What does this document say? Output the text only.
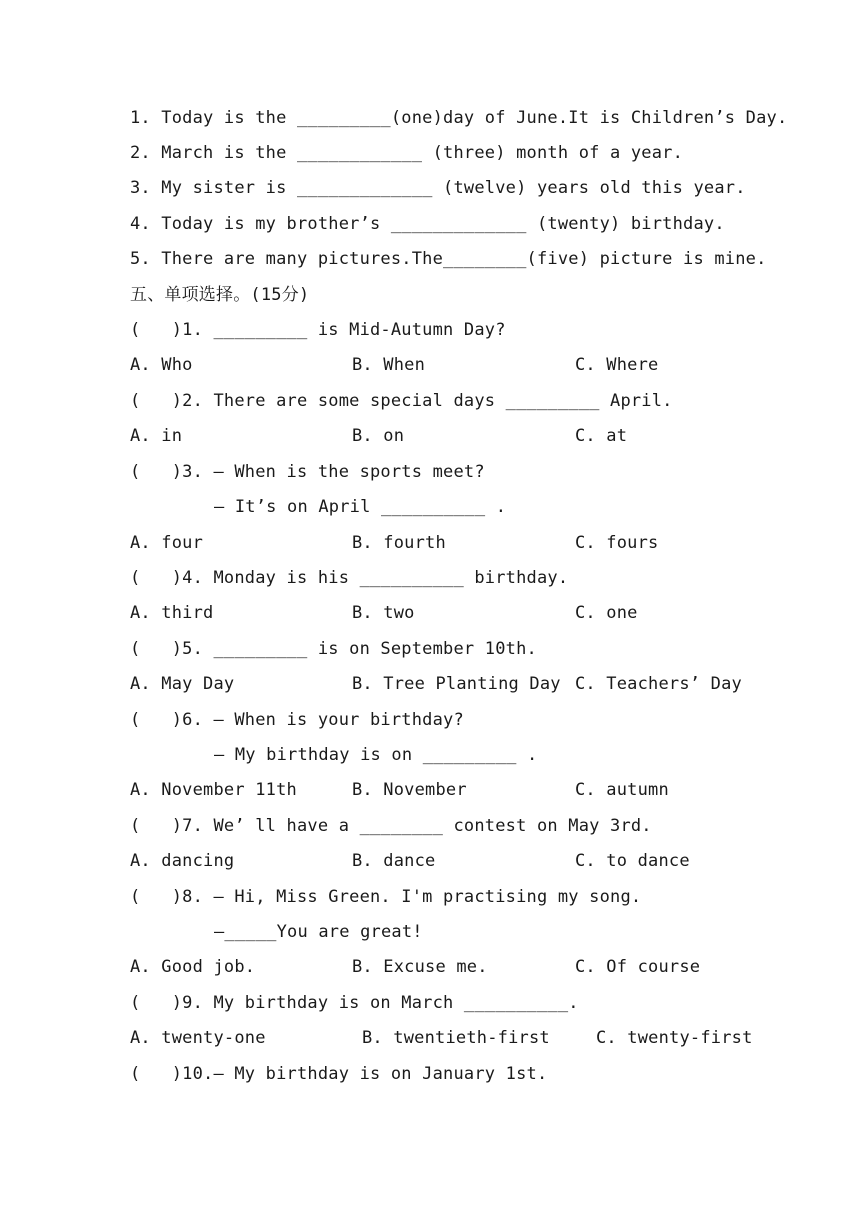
1. Today is the _________(one)day of June.It is Children’s Day.
2. March is the ____________ (three) month of a year.
3. My sister is _____________ (twelve) years old this year.
4. Today is my brother’s _____________ (twenty) birthday.
5. There are many pictures.The________(five) picture is mine.
五、单项选择。(15分)
(   )1. _________ is Mid-Autumn Day?

A. Who

	B. When

	C. Where

(   )2. There are some special days _________ April.

A. in

	B. on

	C. at

(   )3. — When is the sports meet?
— It’s on April __________ .

A. four

	B. fourth

	C. fours

(   )4. Monday is his __________ birthday.

A. third

	B. two

	C. one

(   )5. _________ is on September 10th.

A. May Day

	B. Tree Planting Day

C. Teachers’ Day

(   )6. — When is your birthday?
— My birthday is on _________ .

A. November 11th

	B. November

	C. autumn

(   )7. We’ ll have a ________ contest on May 3rd.

A. dancing

	B. dance

	C. to dance

(   )8. — Hi, Miss Green. I'm practising my song.
—_____You are great!

A. Good job.

	B. Excuse me.

	C. Of course

(   )9. My birthday is on March __________.

A. twenty-one

	B. twentieth-first

	C. twenty-first

(   )10.— My birthday is on January 1st.
